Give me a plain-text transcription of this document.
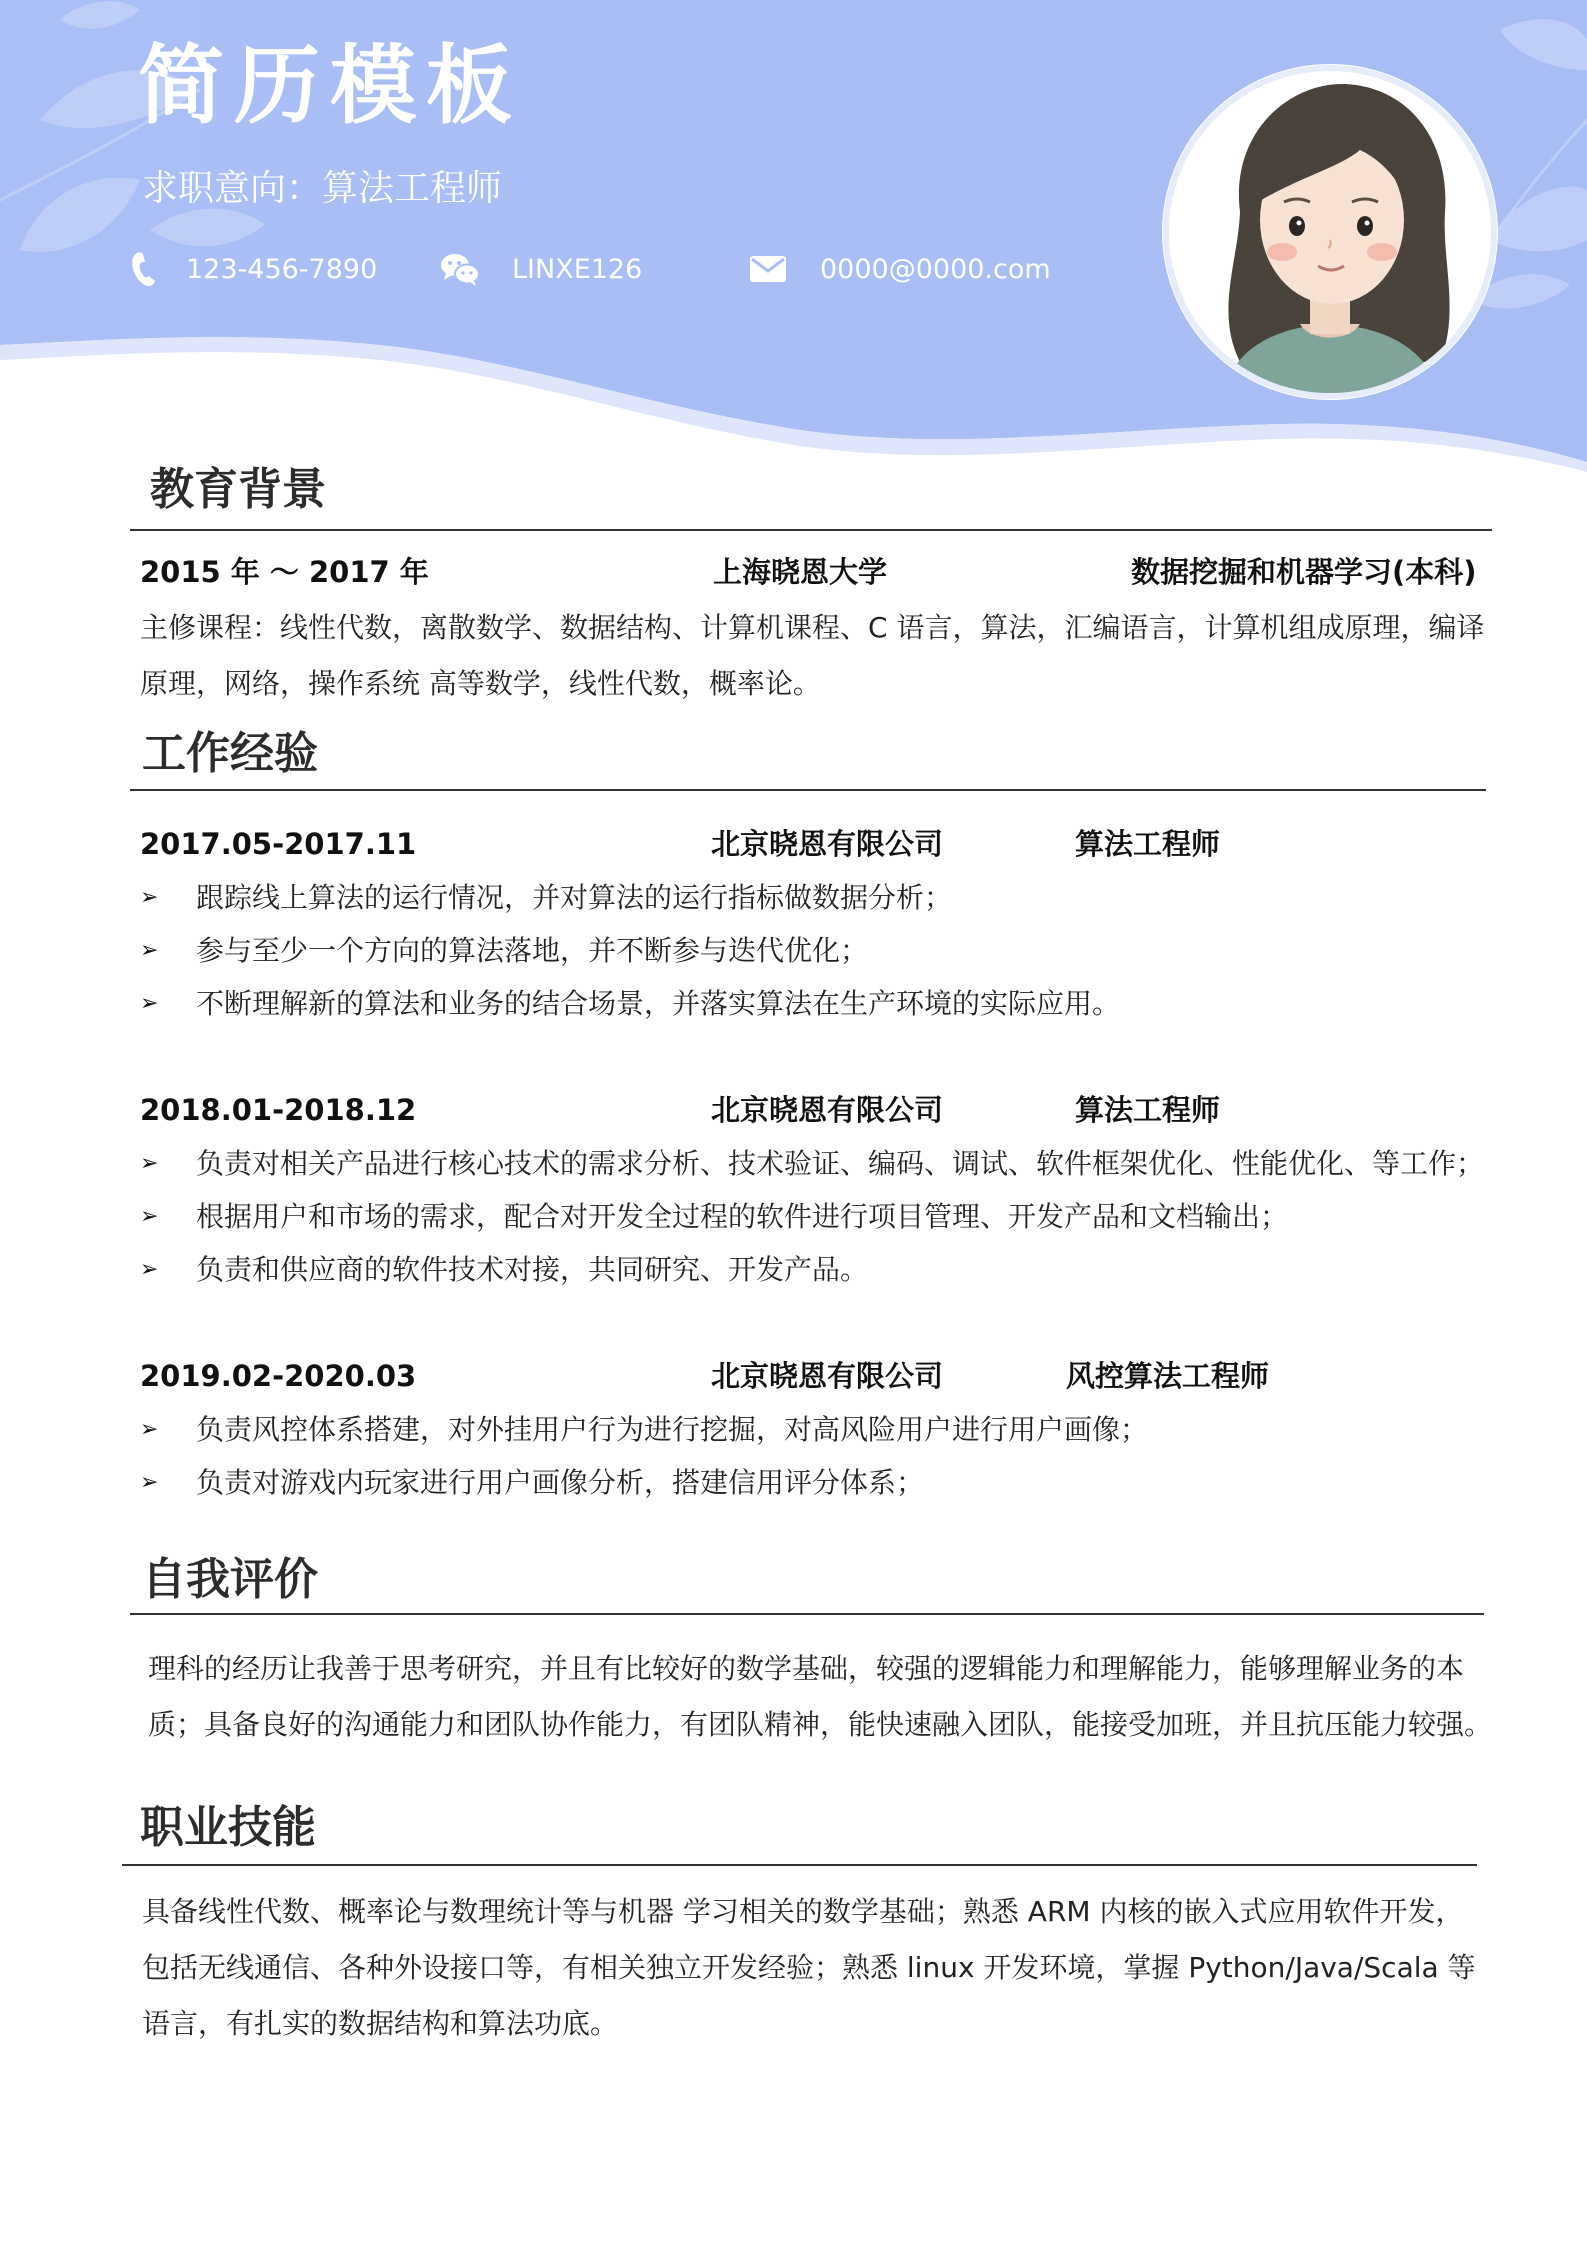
简历模板
求职意向：算法工程师
123-456-7890	LINXE126	0000@0000.com
教育背景
2015 年 ～ 2017 年	上海晓恩大学	数据挖掘和机器学习(本科)
主修课程：线性代数，离散数学、数据结构、计算机课程、C 语言，算法，汇编语言，计算机组成原理，编译
原理，网络，操作系统 高等数学，线性代数，概率论。
工作经验
2017.05-2017.11	北京晓恩有限公司	算法工程师
➢ 跟踪线上算法的运行情况，并对算法的运行指标做数据分析；
➢ 参与至少一个方向的算法落地，并不断参与迭代优化；
➢ 不断理解新的算法和业务的结合场景，并落实算法在生产环境的实际应用。
2018.01-2018.12	北京晓恩有限公司	算法工程师
➢ 负责对相关产品进行核心技术的需求分析、技术验证、编码、调试、软件框架优化、性能优化、等工作；
➢ 根据用户和市场的需求，配合对开发全过程的软件进行项目管理、开发产品和文档输出；
➢ 负责和供应商的软件技术对接，共同研究、开发产品。
2019.02-2020.03	北京晓恩有限公司	风控算法工程师
➢ 负责风控体系搭建，对外挂用户行为进行挖掘，对高风险用户进行用户画像；
➢ 负责对游戏内玩家进行用户画像分析，搭建信用评分体系；
自我评价
理科的经历让我善于思考研究，并且有比较好的数学基础，较强的逻辑能力和理解能力，能够理解业务的本
质；具备良好的沟通能力和团队协作能力，有团队精神，能快速融入团队，能接受加班，并且抗压能力较强。
职业技能
具备线性代数、概率论与数理统计等与机器 学习相关的数学基础；熟悉 ARM 内核的嵌入式应用软件开发，
包括无线通信、各种外设接口等，有相关独立开发经验；熟悉 linux 开发环境，掌握 Python/Java/Scala 等
语言，有扎实的数据结构和算法功底。
